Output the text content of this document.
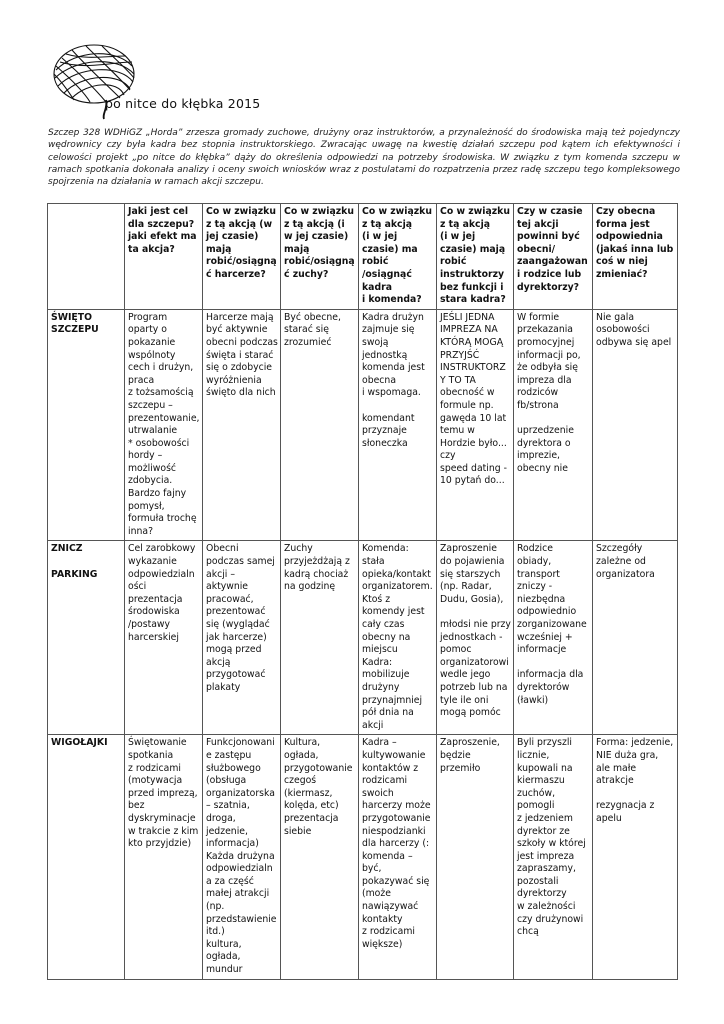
po nitce do kłębka 2015

Szczep 328 WDHiGZ „Horda” zrzesza gromady zuchowe, drużyny oraz instruktorów, a przynależność do środowiska mają też pojedynczy wędrownicy czy była kadra bez stopnia instruktorskiego. Zwracając uwagę na kwestię działań szczepu pod kątem ich efektywności i celowości projekt „po nitce do kłębka” dąży do określenia odpowiedzi na potrzeby środowiska. W związku z tym komenda szczepu w ramach spotkania dokonała analizy i oceny swoich wniosków wraz z postulatami do rozpatrzenia przez radę szczepu tego kompleksowego spojrzenia na działania w ramach akcji szczepu.

	Jaki jest cel dla szczepu?
jaki efekt ma ta akcja?	Co w związku z tą akcją (w jej czasie) mają robić/osiągnąć harcerze?	Co w związku z tą akcją (i w jej czasie) mają robić/osiągnąć zuchy?	Co w związku z tą akcją
(i w jej czasie) ma robić /osiągnąć kadra
i komenda?	Co w związku z tą akcją
(i w jej czasie) mają robić instruktorzy bez funkcji i stara kadra?	Czy w czasie tej akcji powinni być obecni/ zaangażowani rodzice lub dyrektorzy?	Czy obecna forma jest odpowiednia (jakaś inna lub coś w niej zmieniać?
ŚWIĘTO SZCZEPU	Program oparty o pokazanie wspólnoty cech i drużyn, praca
z tożsamością szczepu – prezentowanie, utrwalanie
* osobowości hordy – możliwość zdobycia. Bardzo fajny pomysł, formuła trochę inna?	Harcerze mają być aktywnie obecni podczas święta i starać się o zdobycie wyróżnienia święto dla nich	Być obecne, starać się zrozumieć	Kadra drużyn zajmuje się swoją jednostką komenda jest obecna
i wspomaga.

komendant przyznaje słoneczka	JEŚLI JEDNA IMPREZA NA KTÓRĄ MOGĄ PRZYJŚĆ INSTRUKTORZY TO TA obecność w formule np. gawęda 10 lat temu w Hordzie było... czy
speed dating - 10 pytań do...	W formie przekazania promocyjnej informacji po, że odbyła się impreza dla rodziców fb/strona

uprzedzenie dyrektora o imprezie, obecny nie	Nie gala osobowości odbywa się apel
ZNICZ

PARKING	Cel zarobkowy wykazanie odpowiedzialności prezentacja środowiska /postawy harcerskiej	Obecni podczas samej akcji – aktywnie pracować, prezentować się (wyglądać jak harcerze) mogą przed akcją przygotować plakaty	Zuchy przyjeżdżają z kadrą chociaż na godzinę	Komenda: stała opieka/kontakt organizatorem. Ktoś z komendy jest cały czas obecny na miejscu
Kadra: mobilizuje drużyny przynajmniej pół dnia na akcji	Zaproszenie do pojawienia się starszych (np. Radar, Dudu, Gosia),

młodsi nie przy jednostkach - pomoc organizatorowi wedle jego potrzeb lub na tyle ile oni mogą pomóc	Rodzice obiady, transport zniczy - niezbędna odpowiednio zorganizowane wcześniej + informacje

informacja dla dyrektorów (ławki)	Szczegóły zależne od organizatora
WIGOŁAJKI	Świętowanie spotkania
z rodzicami (motywacja przed imprezą, bez dyskryminacje w trakcie z kim kto przyjdzie)	Funkcjonowanie zastępu służbowego (obsługa organizatorska – szatnia, droga, jedzenie, informacja) Każda drużyna odpowiedzialna za część małej atrakcji (np. przedstawienie itd.)
kultura, ogłada, mundur	Kultura, ogłada, przygotowanie czegoś (kiermasz, kolęda, etc) prezentacja siebie	Kadra – kultywowanie kontaktów z rodzicami swoich harcerzy może przygotowanie niespodzianki dla harcerzy (: komenda – być, pokazywać się (może nawiązywać kontakty
z rodzicami większe)	Zaproszenie, będzie przemiło	Byli przyszli licznie, kupowali na kiermaszu zuchów, pomogli
z jedzeniem dyrektor ze szkoły w której jest impreza zapraszamy, pozostali dyrektorzy
w zależności czy drużynowi chcą	Forma: jedzenie, NIE duża gra, ale małe atrakcje

rezygnacja z apelu
